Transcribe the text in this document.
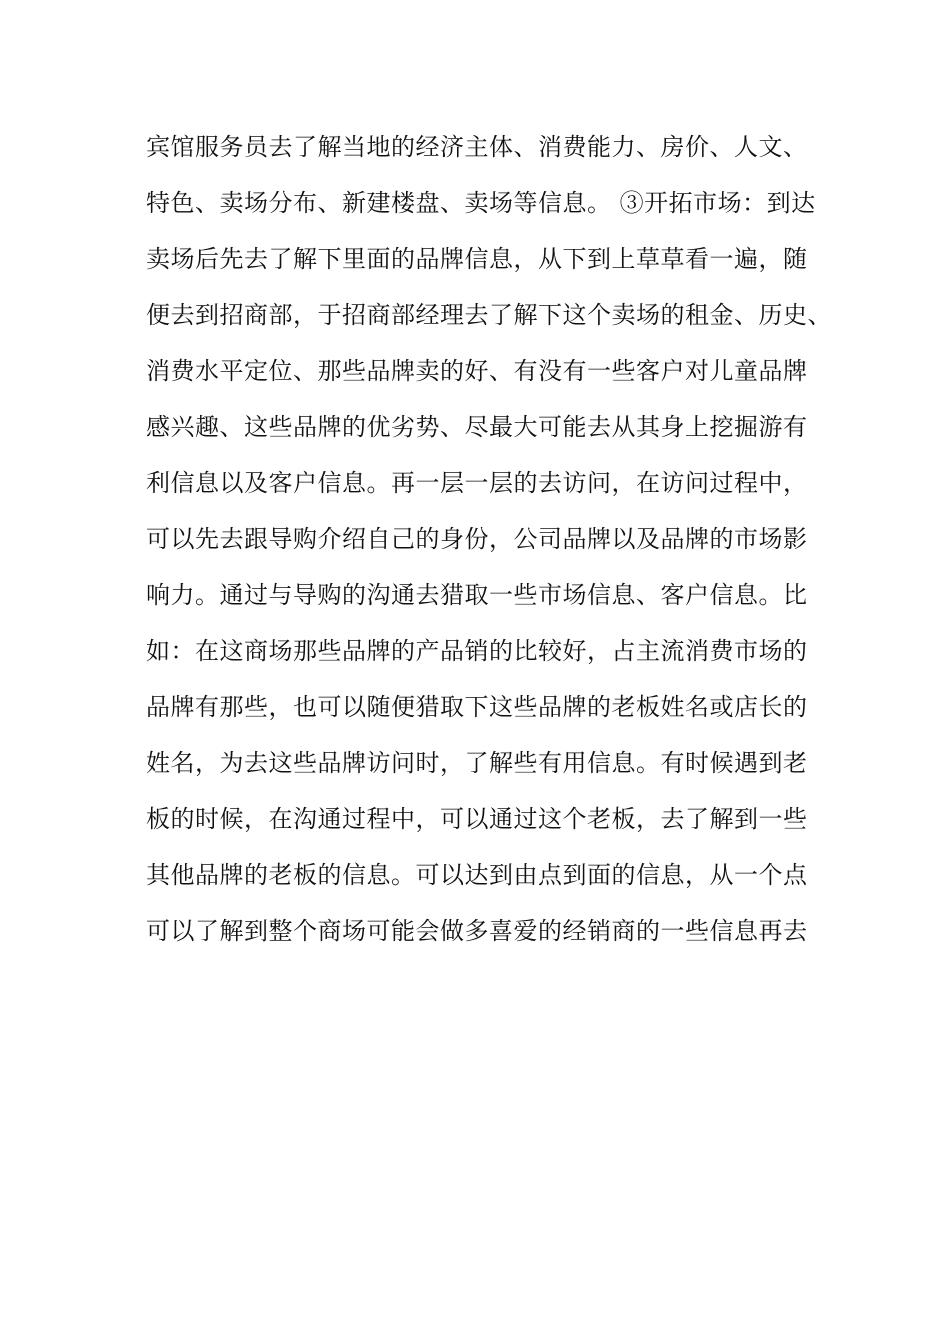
宾馆服务员去了解当地的经济主体、消费能力、房价、人文、
特色、卖场分布、新建楼盘、卖场等信息。 ③开拓市场：到达
卖场后先去了解下里面的品牌信息，从下到上草草看一遍，随
便去到招商部，于招商部经理去了解下这个卖场的租金、历史、
消费水平定位、那些品牌卖的好、有没有一些客户对儿童品牌
感兴趣、这些品牌的优劣势、尽最大可能去从其身上挖掘游有
利信息以及客户信息。再一层一层的去访问，在访问过程中，
可以先去跟导购介绍自己的身份，公司品牌以及品牌的市场影
响力。通过与导购的沟通去猎取一些市场信息、客户信息。比
如：在这商场那些品牌的产品销的比较好，占主流消费市场的
品牌有那些，也可以随便猎取下这些品牌的老板姓名或店长的
姓名，为去这些品牌访问时，了解些有用信息。有时候遇到老
板的时候，在沟通过程中，可以通过这个老板，去了解到一些
其他品牌的老板的信息。可以达到由点到面的信息，从一个点
可以了解到整个商场可能会做多喜爱的经销商的一些信息再去
